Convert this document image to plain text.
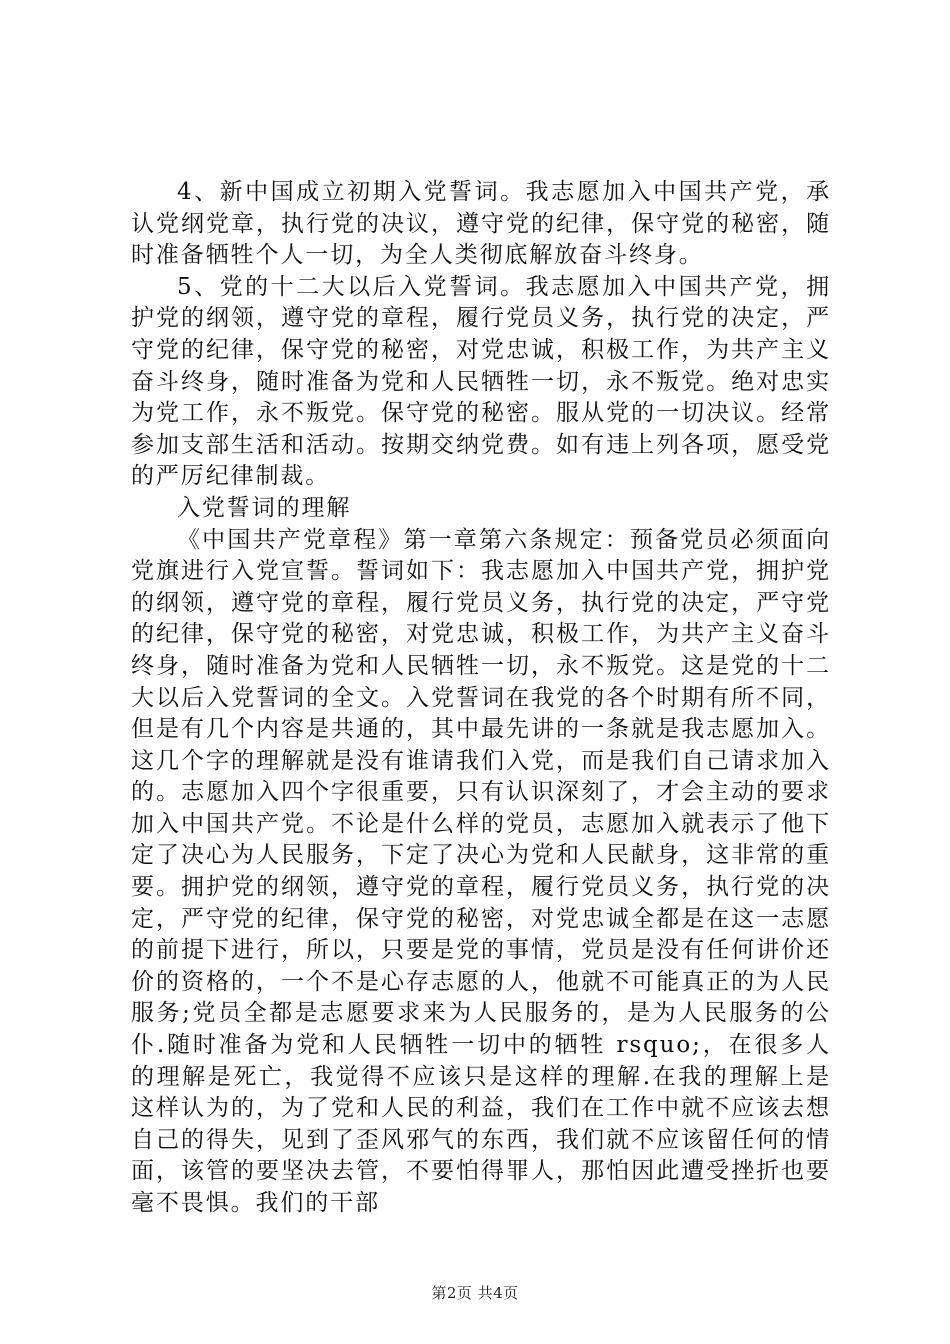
4、新中国成立初期入党誓词。我志愿加入中国共产党，承认党纲党章，执行党的决议，遵守党的纪律，保守党的秘密，随时准备牺牲个人一切，为全人类彻底解放奋斗终身。

5、党的十二大以后入党誓词。我志愿加入中国共产党，拥护党的纲领，遵守党的章程，履行党员义务，执行党的决定，严守党的纪律，保守党的秘密，对党忠诚，积极工作，为共产主义奋斗终身，随时准备为党和人民牺牲一切，永不叛党。绝对忠实为党工作，永不叛党。保守党的秘密。服从党的一切决议。经常参加支部生活和活动。按期交纳党费。如有违上列各项，愿受党的严厉纪律制裁。

入党誓词的理解

《中国共产党章程》第一章第六条规定：预备党员必须面向党旗进行入党宣誓。誓词如下：我志愿加入中国共产党，拥护党的纲领，遵守党的章程，履行党员义务，执行党的决定，严守党的纪律，保守党的秘密，对党忠诚，积极工作，为共产主义奋斗终身，随时准备为党和人民牺牲一切，永不叛党。这是党的十二大以后入党誓词的全文。入党誓词在我党的各个时期有所不同，但是有几个内容是共通的，其中最先讲的一条就是我志愿加入。这几个字的理解就是没有谁请我们入党，而是我们自己请求加入的。志愿加入四个字很重要，只有认识深刻了，才会主动的要求加入中国共产党。不论是什么样的党员，志愿加入就表示了他下定了决心为人民服务，下定了决心为党和人民献身，这非常的重要。拥护党的纲领，遵守党的章程，履行党员义务，执行党的决定，严守党的纪律，保守党的秘密，对党忠诚全都是在这一志愿的前提下进行，所以，只要是党的事情，党员是没有任何讲价还价的资格的，一个不是心存志愿的人，他就不可能真正的为人民服务;党员全都是志愿要求来为人民服务的，是为人民服务的公仆.随时准备为党和人民牺牲一切中的牺牲 rsquo;，在很多人的理解是死亡，我觉得不应该只是这样的理解.在我的理解上是这样认为的，为了党和人民的利益，我们在工作中就不应该去想自己的得失，见到了歪风邪气的东西，我们就不应该留任何的情面，该管的要坚决去管，不要怕得罪人，那怕因此遭受挫折也要毫不畏惧。我们的干部

第2页 共4页
